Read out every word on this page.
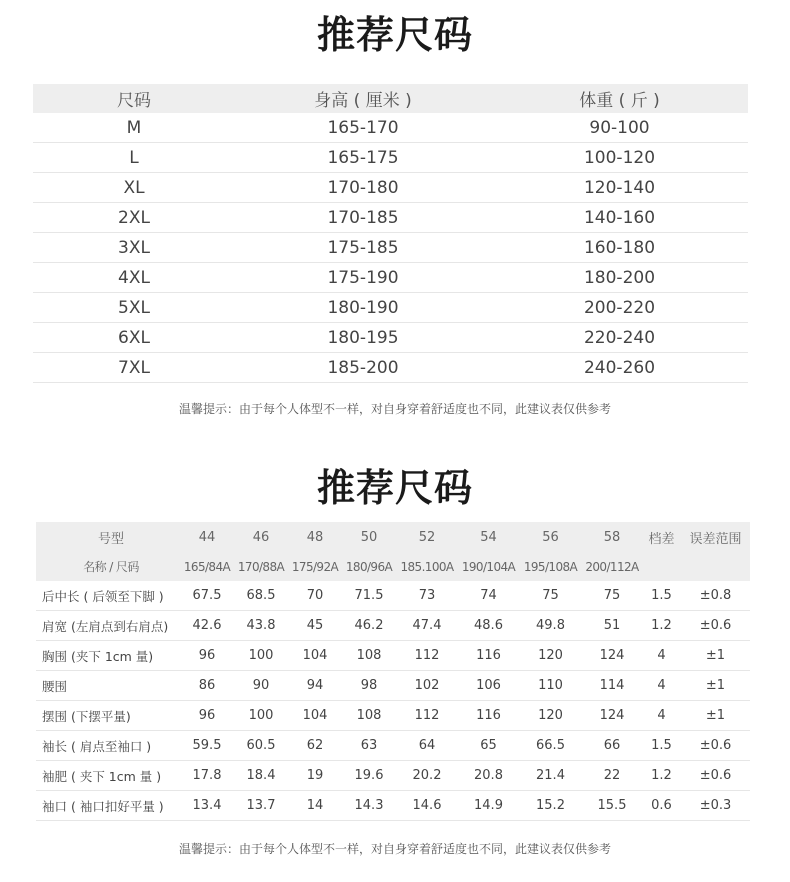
推荐尺码
尺码	身高 ( 厘米 )	体重 ( 斤 )
M	165-170	90-100
L	165-175	100-120
XL	170-180	120-140
2XL	170-185	140-160
3XL	175-185	160-180
4XL	175-190	180-200
5XL	180-190	200-220
6XL	180-195	220-240
7XL	185-200	240-260
温馨提示：由于每个人体型不一样，对自身穿着舒适度也不同，此建议表仅供参考
推荐尺码
号型	44	46	48	50	52	54	56	58	档差	误差范围
名称 / 尺码	165/84A	170/88A	175/92A	180/96A	185.100A	190/104A	195/108A	200/112A		
后中长 ( 后领至下脚 )	67.5	68.5	70	71.5	73	74	75	75	1.5	±0.8
肩宽 (左肩点到右肩点)	42.6	43.8	45	46.2	47.4	48.6	49.8	51	1.2	±0.6
胸围 (夹下 1cm 量)	96	100	104	108	112	116	120	124	4	±1
腰围	86	90	94	98	102	106	110	114	4	±1
摆围 (下摆平量)	96	100	104	108	112	116	120	124	4	±1
袖长 ( 肩点至袖口 )	59.5	60.5	62	63	64	65	66.5	66	1.5	±0.6
袖肥 ( 夹下 1cm 量 )	17.8	18.4	19	19.6	20.2	20.8	21.4	22	1.2	±0.6
袖口 ( 袖口扣好平量 )	13.4	13.7	14	14.3	14.6	14.9	15.2	15.5	0.6	±0.3
温馨提示：由于每个人体型不一样，对自身穿着舒适度也不同，此建议表仅供参考
